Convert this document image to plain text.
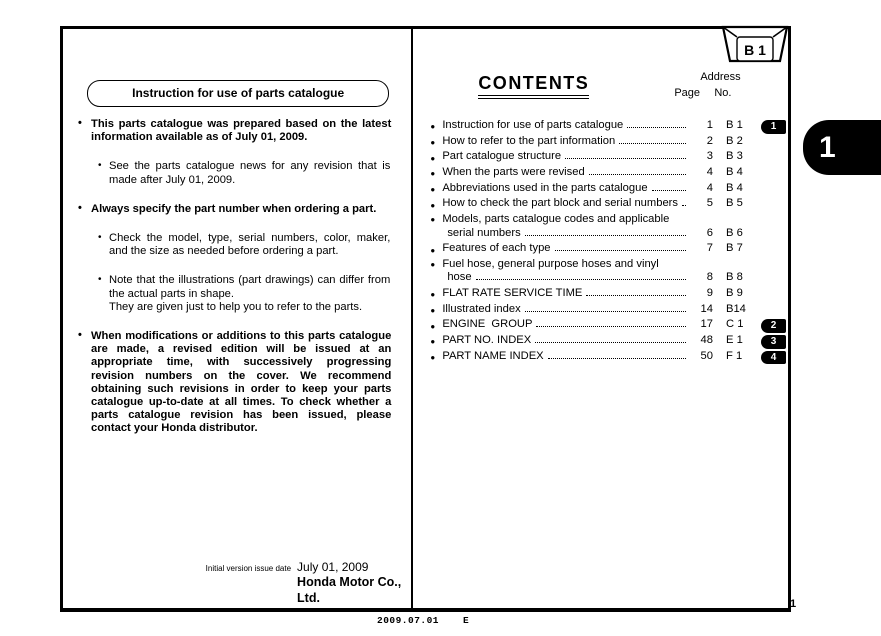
Instruction for use of parts catalogue
• This parts catalogue was prepared based on the latest information available as of July 01, 2009.

• See the parts catalogue news for any revision that is made after July 01, 2009.

• Always specify the part number when ordering a part.

• Check the model, type, serial numbers, color, maker, and the size as needed before ordering a part.

• Note that the illustrations (part drawings) can differ from the actual parts in shape.

They are given just to help you to refer to the parts.

• When modifications or additions to this parts catalogue are made, a revised edition will be issued at an appropriate time, with successively progressing revision numbers on the cover. We recommend obtaining such revisions in order to keep your parts catalogue up-to-date at all times. To check whether a parts catalogue revision has been issued, please contact your Honda distributor.

Initial version issue date July 01, 2009
Honda Motor Co., Ltd.
CONTENTS	Address
Page No.
● Instruction for use of parts catalogue	1 B 1	1
● How to refer to the part information	2 B 2
● Part catalogue structure	3 B 3
● When the parts were revised	4 B 4
● Abbreviations used in the parts catalogue	4 B 4
● How to check the part block and serial numbers	5 B 5
● Models, parts catalogue codes and applicable
serial numbers	6 B 6
● Features of each type	7 B 7
● Fuel hose, general purpose hoses and vinyl
hose	8 B 8
● FLAT RATE SERVICE TIME	9 B 9
● Illustrated index	14 B14
● ENGINE  GROUP	17 C 1	2
● PART NO. INDEX	48 E 1	3
● PART NAME INDEX	50 F 1	4
B 1
1
2009.07.01	E
1
